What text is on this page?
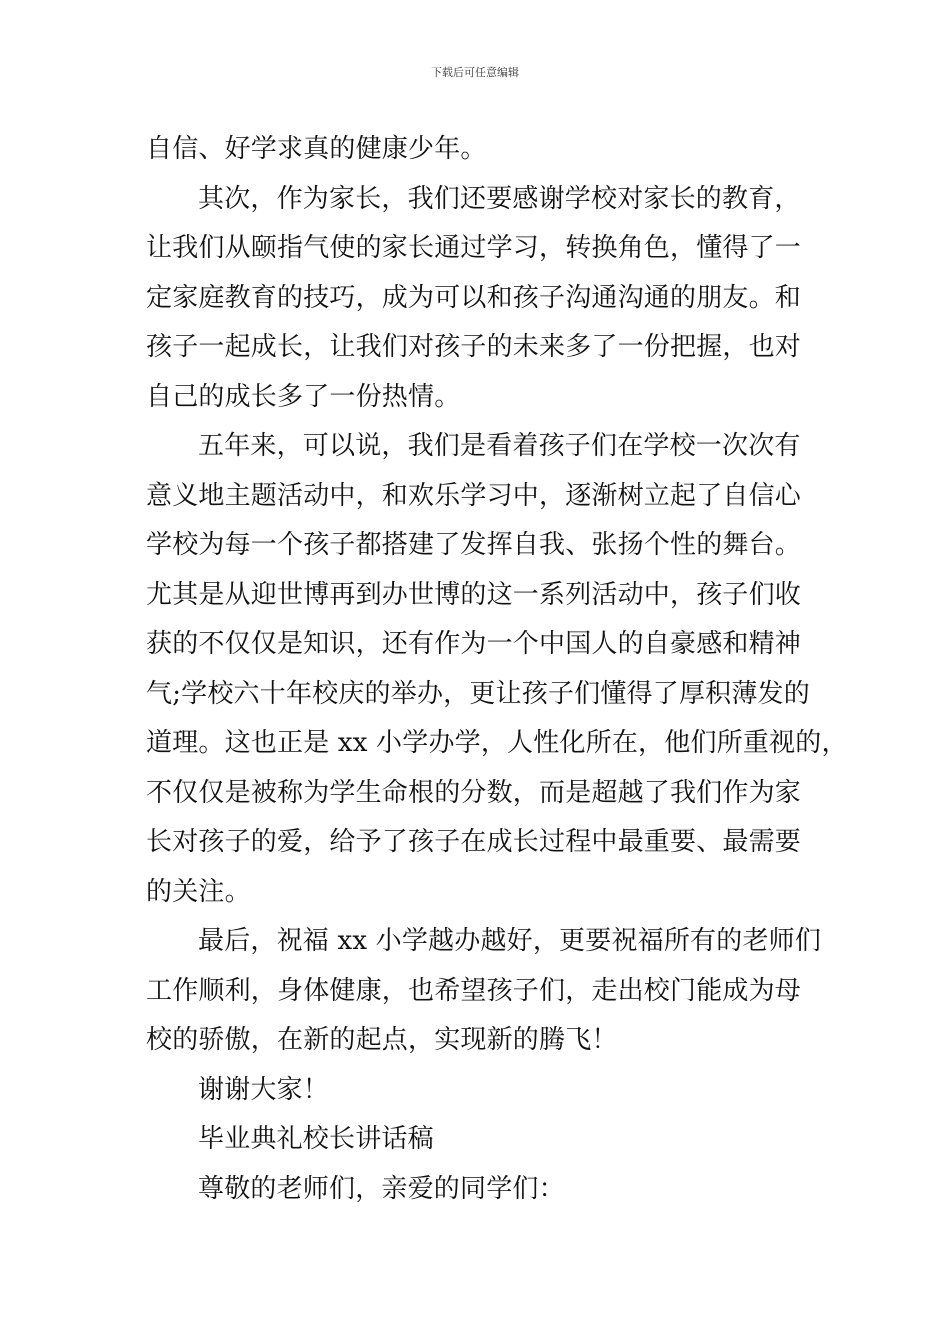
下载后可任意编辑
自信、好学求真的健康少年。
其次，作为家长，我们还要感谢学校对家长的教育，
让我们从颐指气使的家长通过学习，转换角色，懂得了一
定家庭教育的技巧，成为可以和孩子沟通沟通的朋友。和
孩子一起成长，让我们对孩子的未来多了一份把握，也对
自己的成长多了一份热情。
五年来，可以说，我们是看着孩子们在学校一次次有
意义地主题活动中，和欢乐学习中，逐渐树立起了自信心
学校为每一个孩子都搭建了发挥自我、张扬个性的舞台。
尤其是从迎世博再到办世博的这一系列活动中，孩子们收
获的不仅仅是知识，还有作为一个中国人的自豪感和精神
气;学校六十年校庆的举办，更让孩子们懂得了厚积薄发的
道理。这也正是 xx 小学办学，人性化所在，他们所重视的，
不仅仅是被称为学生命根的分数，而是超越了我们作为家
长对孩子的爱，给予了孩子在成长过程中最重要、最需要
的关注。
最后，祝福 xx 小学越办越好，更要祝福所有的老师们
工作顺利，身体健康，也希望孩子们，走出校门能成为母
校的骄傲，在新的起点，实现新的腾飞！
谢谢大家！
毕业典礼校长讲话稿
尊敬的老师们，亲爱的同学们：
